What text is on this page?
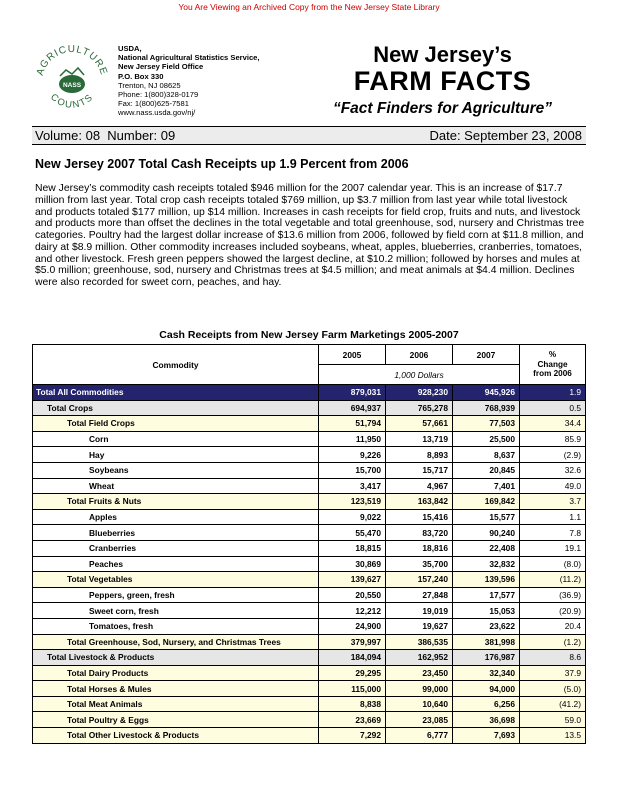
You Are Viewing an Archived Copy from the New Jersey State Library
AGRICULTURE
COUNTS
NASS
USDA,
National Agricultural Statistics Service,
New Jersey Field Office
P.O. Box 330
Trenton, NJ 08625
Phone: 1(800)328-0179
Fax: 1(800)625-7581
www.nass.usda.gov/nj/
New Jersey’s
FARM FACTS
“Fact Finders for Agriculture”
Volume: 08  Number: 09	Date: September 23, 2008
New Jersey 2007 Total Cash Receipts up 1.9 Percent from 2006
New Jersey’s commodity cash receipts totaled $946 million for the 2007 calendar year. This is an increase of $17.7 million from last year. Total crop cash receipts totaled $769 million, up $3.7 million from last year while total livestock and products totaled $177 million, up $14 million. Increases in cash receipts for field crop, fruits and nuts, and livestock and products more than offset the declines in the total vegetable and total greenhouse, sod, nursery and Christmas tree categories. Poultry had the largest dollar increase of $13.6 million from 2006, followed by field corn at $11.8 million, and dairy at $8.9 million. Other commodity increases included soybeans, wheat, apples, blueberries, cranberries, tomatoes, and other livestock. Fresh green peppers showed the largest decline, at $10.2 million; followed by horses and mules at $5.0 million; greenhouse, sod, nursery and Christmas trees at $4.5 million; and meat animals at $4.4 million. Declines were also recorded for sweet corn, peaches, and hay.
Cash Receipts from New Jersey Farm Marketings 2005-2007
Commodity	2005	2006	2007	%
Change
from 2006

	1,000 Dollars			
Total All Commodities	879,031	928,230	945,926	1.9
Total Crops	694,937	765,278	768,939	0.5
Total Field Crops	51,794	57,661	77,503	34.4
Corn	11,950	13,719	25,500	85.9
Hay	9,226	8,893	8,637	(2.9)
Soybeans	15,700	15,717	20,845	32.6
Wheat	3,417	4,967	7,401	49.0
Total Fruits & Nuts	123,519	163,842	169,842	3.7
Apples	9,022	15,416	15,577	1.1
Blueberries	55,470	83,720	90,240	7.8
Cranberries	18,815	18,816	22,408	19.1
Peaches	30,869	35,700	32,832	(8.0)
Total Vegetables	139,627	157,240	139,596	(11.2)
Peppers, green, fresh	20,550	27,848	17,577	(36.9)
Sweet corn, fresh	12,212	19,019	15,053	(20.9)
Tomatoes, fresh	24,900	19,627	23,622	20.4
Total Greenhouse, Sod, Nursery, and Christmas Trees	379,997	386,535	381,998	(1.2)
Total Livestock & Products	184,094	162,952	176,987	8.6
Total Dairy Products	29,295	23,450	32,340	37.9
Total Horses & Mules	115,000	99,000	94,000	(5.0)
Total Meat Animals	8,838	10,640	6,256	(41.2)
Total Poultry & Eggs	23,669	23,085	36,698	59.0
Total Other Livestock & Products	7,292	6,777	7,693	13.5
